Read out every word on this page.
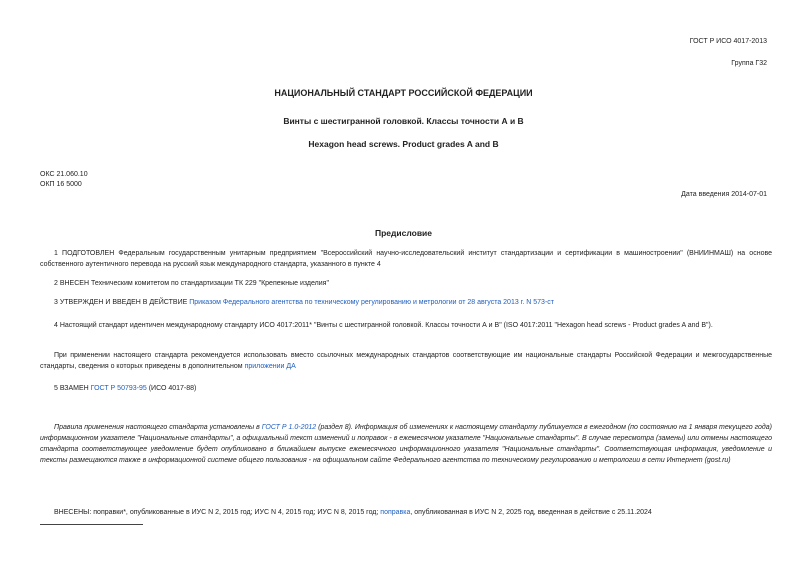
ГОСТ Р ИСО 4017-2013
Группа Г32
НАЦИОНАЛЬНЫЙ СТАНДАРТ РОССИЙСКОЙ ФЕДЕРАЦИИ
Винты с шестигранной головкой. Классы точности А и В
Hexagon head screws. Product grades A and B
ОКС 21.060.10
ОКП 16 5000
Дата введения 2014-07-01
Предисловие
1 ПОДГОТОВЛЕН Федеральным государственным унитарным предприятием "Всероссийский научно-исследовательский институт стандартизации и сертификации в машиностроении" (ВНИИНМАШ) на основе собственного аутентичного перевода на русский язык международного стандарта, указанного в пункте 4
2 ВНЕСЕН Техническим комитетом по стандартизации ТК 229 "Крепежные изделия"
3 УТВЕРЖДЕН И ВВЕДЕН В ДЕЙСТВИЕ Приказом Федерального агентства по техническому регулированию и метрологии от 28 августа 2013 г. N 573-ст
4 Настоящий стандарт идентичен международному стандарту ИСО 4017:2011* "Винты с шестигранной головкой. Классы точности А и В" (ISO 4017:2011 "Hexagon head screws - Product grades A and B").
При применении настоящего стандарта рекомендуется использовать вместо ссылочных международных стандартов соответствующие им национальные стандарты Российской Федерации и межгосударственные стандарты, сведения о которых приведены в дополнительном приложении ДА
5 ВЗАМЕН ГОСТ Р 50793-95 (ИСО 4017-88)
Правила применения настоящего стандарта установлены в ГОСТ Р 1.0-2012 (раздел 8). Информация об изменениях к настоящему стандарту публикуется в ежегодном (по состоянию на 1 января текущего года) информационном указателе "Национальные стандарты", а официальный текст изменений и поправок - в ежемесячном указателе "Национальные стандарты". В случае пересмотра (замены) или отмены настоящего стандарта соответствующее уведомление будет опубликовано в ближайшем выпуске ежемесячного информационного указателя "Национальные стандарты". Соответствующая информация, уведомление и тексты размещаются также в информационной системе общего пользования - на официальном сайте Федерального агентства по техническому регулированию и метрологии в сети Интернет (gost.ru)
ВНЕСЕНЫ: поправки*, опубликованные в ИУС N 2, 2015 год; ИУС N 4, 2015 год; ИУС N 8, 2015 год; поправка, опубликованная в ИУС N 2, 2025 год, введенная в действие с 25.11.2024
